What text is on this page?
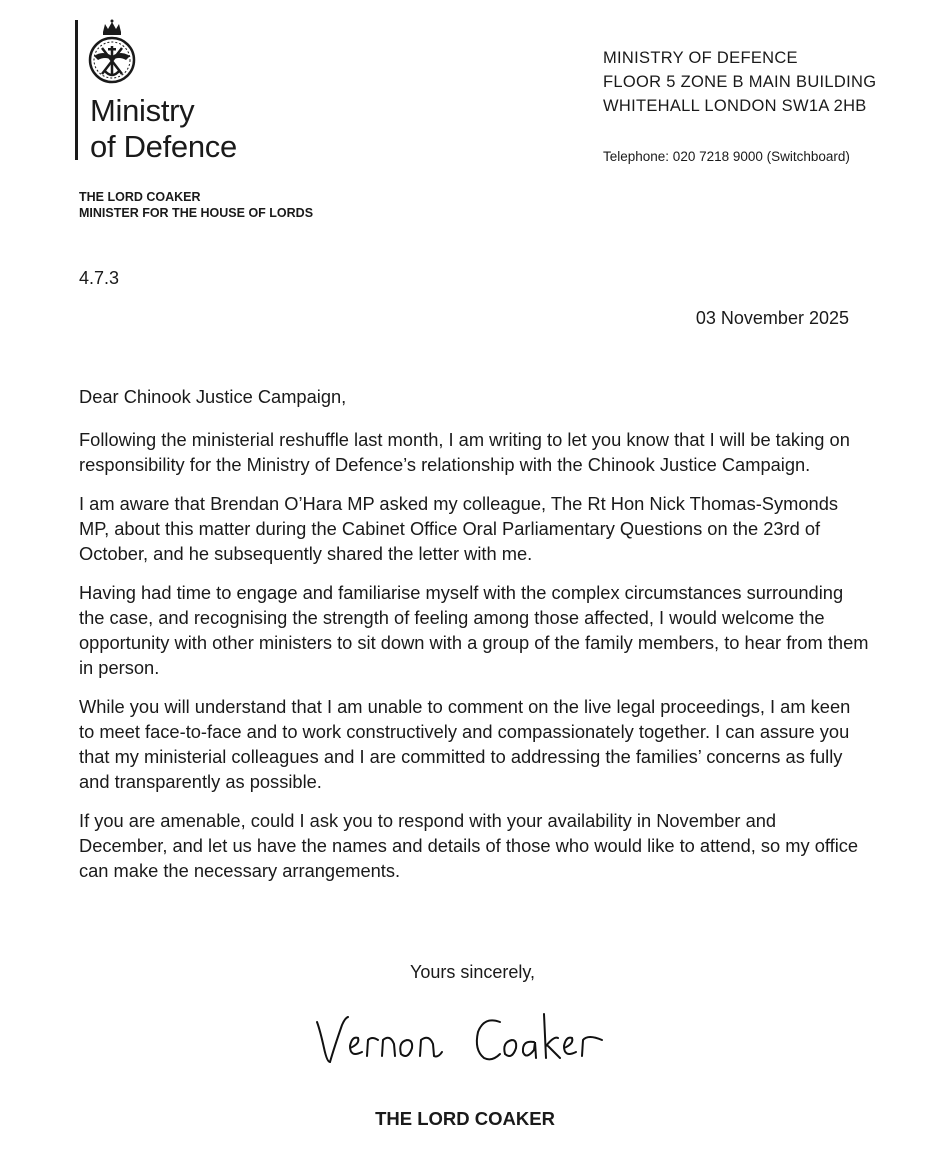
Ministry
of Defence
MINISTRY OF DEFENCE
FLOOR 5 ZONE B MAIN BUILDING
WHITEHALL LONDON SW1A 2HB
Telephone: 020 7218 9000 (Switchboard)
THE LORD COAKER
MINISTER FOR THE HOUSE OF LORDS
4.7.3
03 November 2025

Dear Chinook Justice Campaign,

Following the ministerial reshuffle last month, I am writing to let you know that I will be taking on responsibility for the Ministry of Defence’s relationship with the Chinook Justice Campaign.

I am aware that Brendan O’Hara MP asked my colleague, The Rt Hon Nick Thomas-Symonds MP, about this matter during the Cabinet Office Oral Parliamentary Questions on the 23rd of October, and he subsequently shared the letter with me.

Having had time to engage and familiarise myself with the complex circumstances surrounding the case, and recognising the strength of feeling among those affected, I would welcome the opportunity with other ministers to sit down with a group of the family members, to hear from them in person.

While you will understand that I am unable to comment on the live legal proceedings, I am keen to meet face-to-face and to work constructively and compassionately together. I can assure you that my ministerial colleagues and I are committed to addressing the families’ concerns as fully and transparently as possible.

If you are amenable, could I ask you to respond with your availability in November and December, and let us have the names and details of those who would like to attend, so my office can make the necessary arrangements.

Yours sincerely,
THE LORD COAKER
